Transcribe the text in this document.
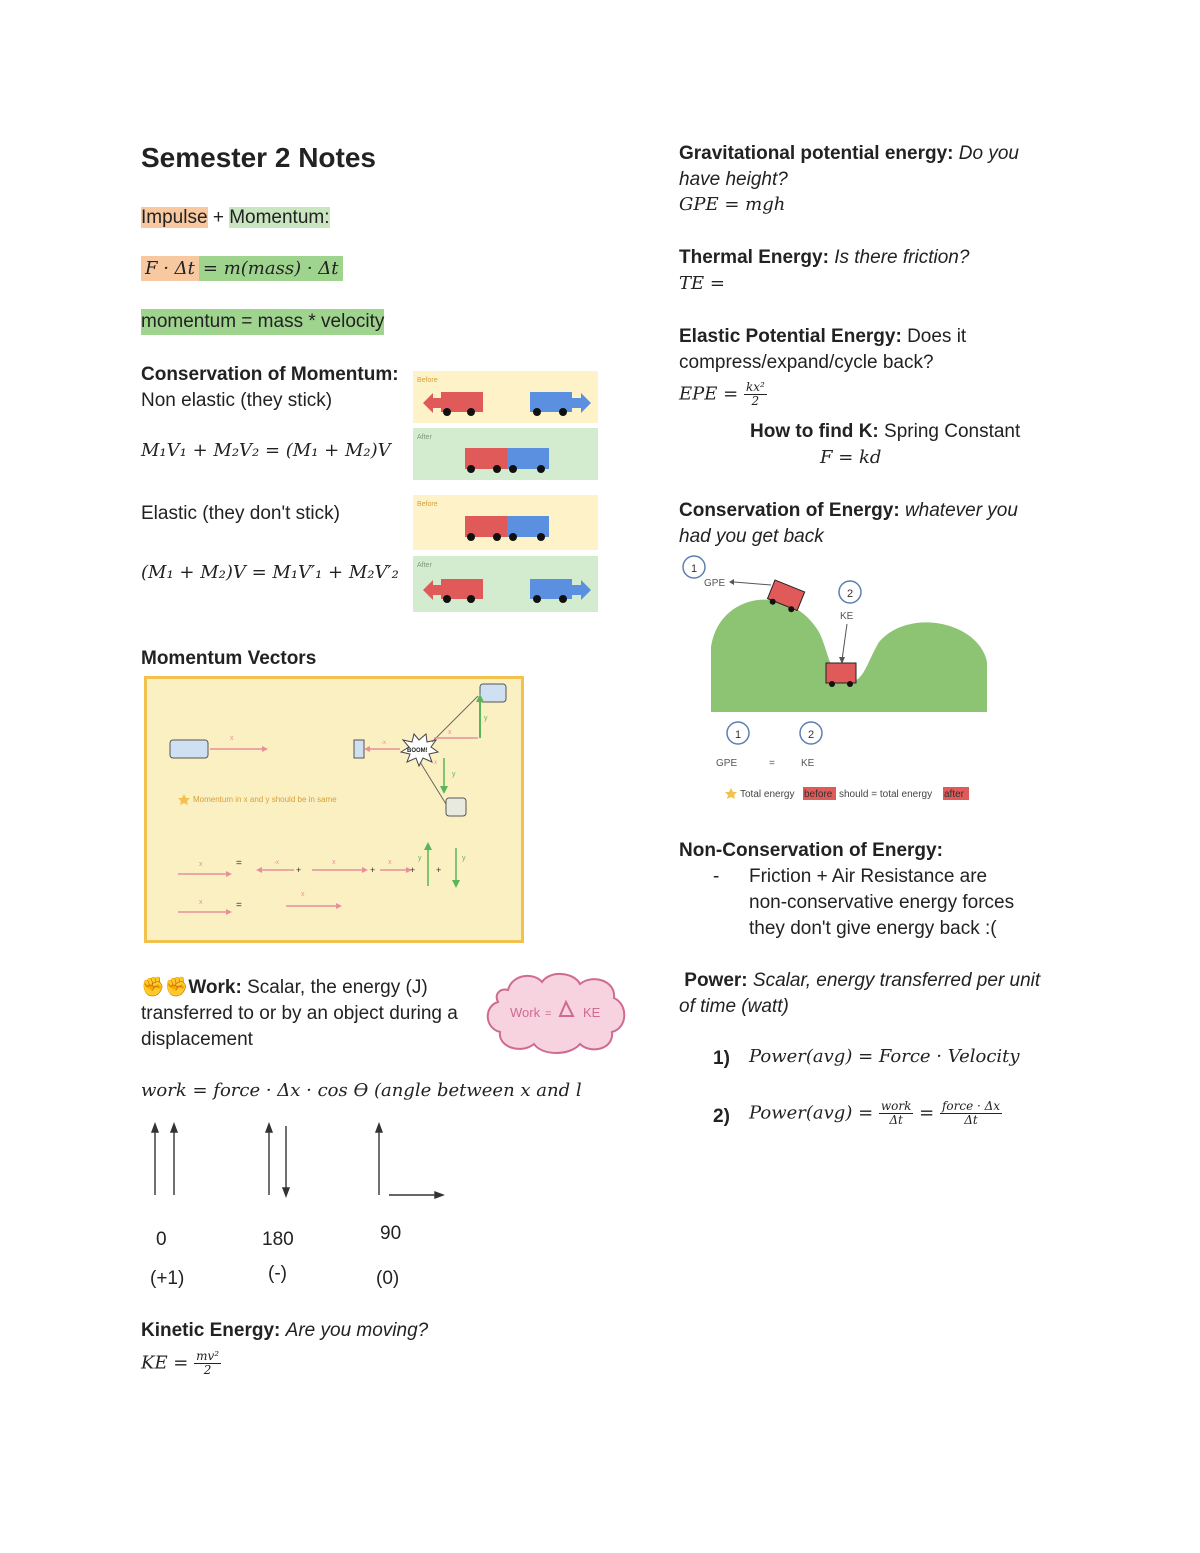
Semester 2 Notes
Impulse + Momentum:
F · Δt = m(mass) · Δt
momentum = mass * velocity
Conservation of Momentum:
Non elastic (they stick)
M₁V₁ + M₂V₂ = (M₁ + M₂)V
Elastic (they don't stick)
(M₁ + M₂)V = M₁V′₁ + M₂V′₂
Before
After
Before
After
Momentum Vectors
x
-x
BOOM!
y
x
y
x
Momentum in x and y should be in same
x	=	-x
+
x
+
x
+
y
+
y
x	=
x
✊✊Work: Scalar, the energy (J)
transferred to or by an object during a
displacement
Work = KE
work = force · Δx · cos ϴ (angle between x and l
0	180	90
(+1)	(-)	(0)
Kinetic Energy: Are you moving?
KE = $\frac{\text{mv²}}{2}$
Gravitational potential energy: Do you
have height?
GPE = mgh
Thermal Energy: Is there friction?
TE =
Elastic Potential Energy: Does it
compress/expand/cycle back?
EPE = $\frac{\text{kx²}}{2}$
How to find K: Spring Constant
F = kd
Conservation of Energy: whatever you
had you get back
1
GPE
2
KE
1	2
GPE	=	KE
Total energy before should = total energy after
Non-Conservation of Energy:
- Friction + Air Resistance are
non-conservative energy forces
they don't give energy back :(
Power: Scalar, energy transferred per unit
of time (watt)
1) Power(avg) = Force · Velocity
2) Power(avg) = $\frac{\text{work}}{\Delta t} = \frac{\text{force · Δx}}{\Delta t}$
